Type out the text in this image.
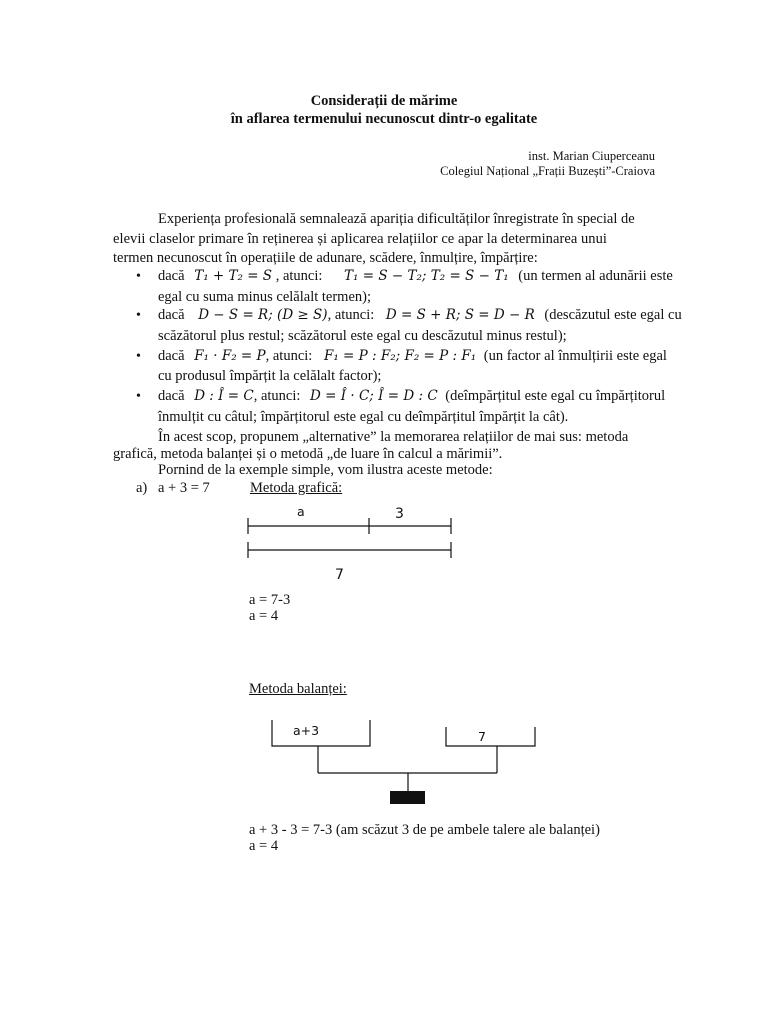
Considerații de mărime
în aflarea termenului necunoscut dintr-o egalitate
inst. Marian Ciuperceanu
Colegiul Național „Frații Buzești”-Craiova
Experiența profesională semnalează apariția dificultăților înregistrate în special de
elevii claselor primare în reținerea și aplicarea relațiilor ce apar la determinarea unui
termen necunoscut în operațiile de adunare, scădere, înmulțire, împărțire:
• dacă T₁ + T₂ = S , atunci: T₁ = S − T₂; T₂ = S − T₁ (un termen al adunării este
egal cu suma minus celălalt termen);
• dacă D − S = R; (D ≥ S), atunci: D = S + R; S = D − R (descăzutul este egal cu
scăzătorul plus restul; scăzătorul este egal cu descăzutul minus restul);
• dacă F₁ · F₂ = P, atunci: F₁ = P : F₂; F₂ = P : F₁ (un factor al înmulțirii este egal
cu produsul împărțit la celălalt factor);
• dacă D : Î = C, atunci: D = Î · C; Î = D : C (deîmpărțitul este egal cu împărțitorul
înmulțit cu câtul; împărțitorul este egal cu deîmpărțitul împărțit la cât).
În acest scop, propunem „alternative” la memorarea relațiilor de mai sus: metoda
grafică, metoda balanței și o metodă „de luare în calcul a mărimii”.
Pornind de la exemple simple, vom ilustra aceste metode:
a) a + 3 = 7	Metoda grafică:
a	3
7
a = 7-3
a = 4
Metoda balanței:
a+3	7
a + 3 - 3 = 7-3 (am scăzut 3 de pe ambele talere ale balanței)
a = 4
